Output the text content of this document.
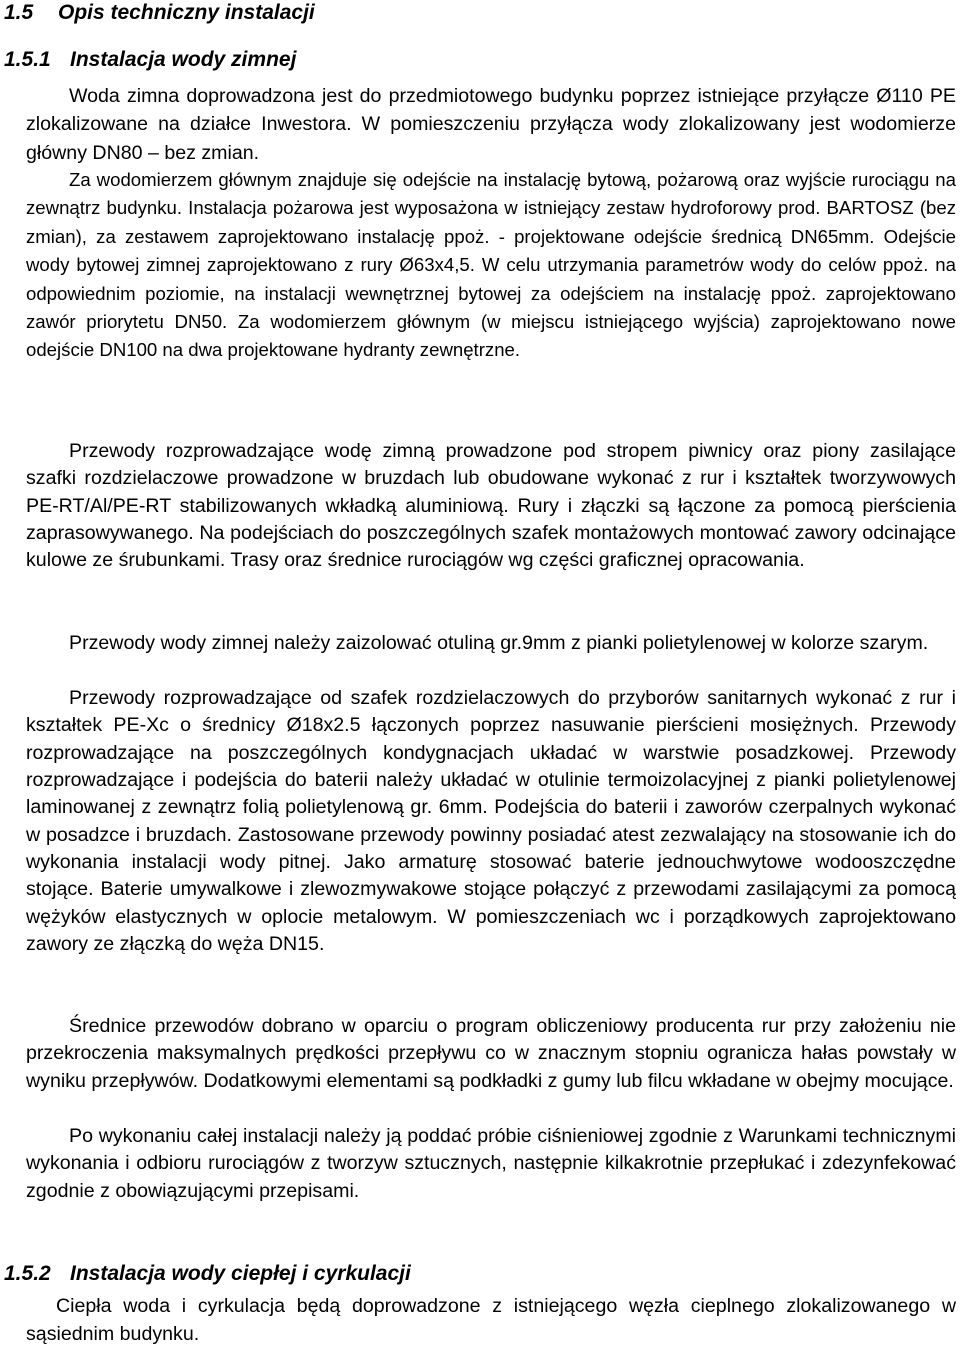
1.5 Opis techniczny instalacji
1.5.1 Instalacja wody zimnej

Woda zimna doprowadzona jest do przedmiotowego budynku poprzez istniejące przyłącze Ø110 PE zlokalizowane na działce Inwestora. W pomieszczeniu przyłącza wody zlokalizowany jest wodomierze główny DN80 – bez zmian.

Za wodomierzem głównym znajduje się odejście na instalację bytową, pożarową oraz wyjście rurociągu na zewnątrz budynku. Instalacja pożarowa jest wyposażona w istniejący zestaw hydroforowy prod. BARTOSZ (bez zmian), za zestawem zaprojektowano instalację ppoż. - projektowane odejście średnicą DN65mm. Odejście wody bytowej zimnej zaprojektowano z rury Ø63x4,5. W celu utrzymania parametrów wody do celów ppoż. na odpowiednim poziomie, na instalacji wewnętrznej bytowej za odejściem na instalację ppoż. zaprojektowano zawór priorytetu DN50. Za wodomierzem głównym (w miejscu istniejącego wyjścia) zaprojektowano nowe odejście DN100 na dwa projektowane hydranty zewnętrzne.

Przewody rozprowadzające wodę zimną prowadzone pod stropem piwnicy oraz piony zasilające szafki rozdzielaczowe prowadzone w bruzdach lub obudowane wykonać z rur i kształtek tworzywowych PE-RT/Al/PE-RT stabilizowanych wkładką aluminiową. Rury i złączki są łączone za pomocą pierścienia zaprasowywanego. Na podejściach do poszczególnych szafek montażowych montować zawory odcinające kulowe ze śrubunkami. Trasy oraz średnice rurociągów wg części graficznej opracowania.

Przewody wody zimnej należy zaizolować otuliną gr.9mm z pianki polietylenowej w kolorze szarym.

Przewody rozprowadzające od szafek rozdzielaczowych do przyborów sanitarnych wykonać z rur i kształtek PE-Xc o średnicy Ø18x2.5 łączonych poprzez nasuwanie pierścieni mosiężnych. Przewody rozprowadzające na poszczególnych kondygnacjach układać w warstwie posadzkowej. Przewody rozprowadzające i podejścia do baterii należy układać w otulinie termoizolacyjnej z pianki polietylenowej laminowanej z zewnątrz folią polietylenową gr. 6mm. Podejścia do baterii i zaworów czerpalnych wykonać w posadzce i bruzdach. Zastosowane przewody powinny posiadać atest zezwalający na stosowanie ich do wykonania instalacji wody pitnej. Jako armaturę stosować baterie jednouchwytowe wodooszczędne stojące. Baterie umywalkowe i zlewozmywakowe stojące połączyć z przewodami zasilającymi za pomocą wężyków elastycznych w oplocie metalowym. W pomieszczeniach wc i porządkowych zaprojektowano zawory ze złączką do węża DN15.

Średnice przewodów dobrano w oparciu o program obliczeniowy producenta rur przy założeniu nie przekroczenia maksymalnych prędkości przepływu co w znacznym stopniu ogranicza hałas powstały w wyniku przepływów. Dodatkowymi elementami są podkładki z gumy lub filcu wkładane w obejmy mocujące.

Po wykonaniu całej instalacji należy ją poddać próbie ciśnieniowej zgodnie z Warunkami technicznymi wykonania i odbioru rurociągów z tworzyw sztucznych, następnie kilkakrotnie przepłukać i zdezynfekować zgodnie z obowiązującymi przepisami.

1.5.2 Instalacja wody ciepłej i cyrkulacji

Ciepła woda i cyrkulacja będą doprowadzone z istniejącego węzła cieplnego zlokalizowanego w sąsiednim budynku.
